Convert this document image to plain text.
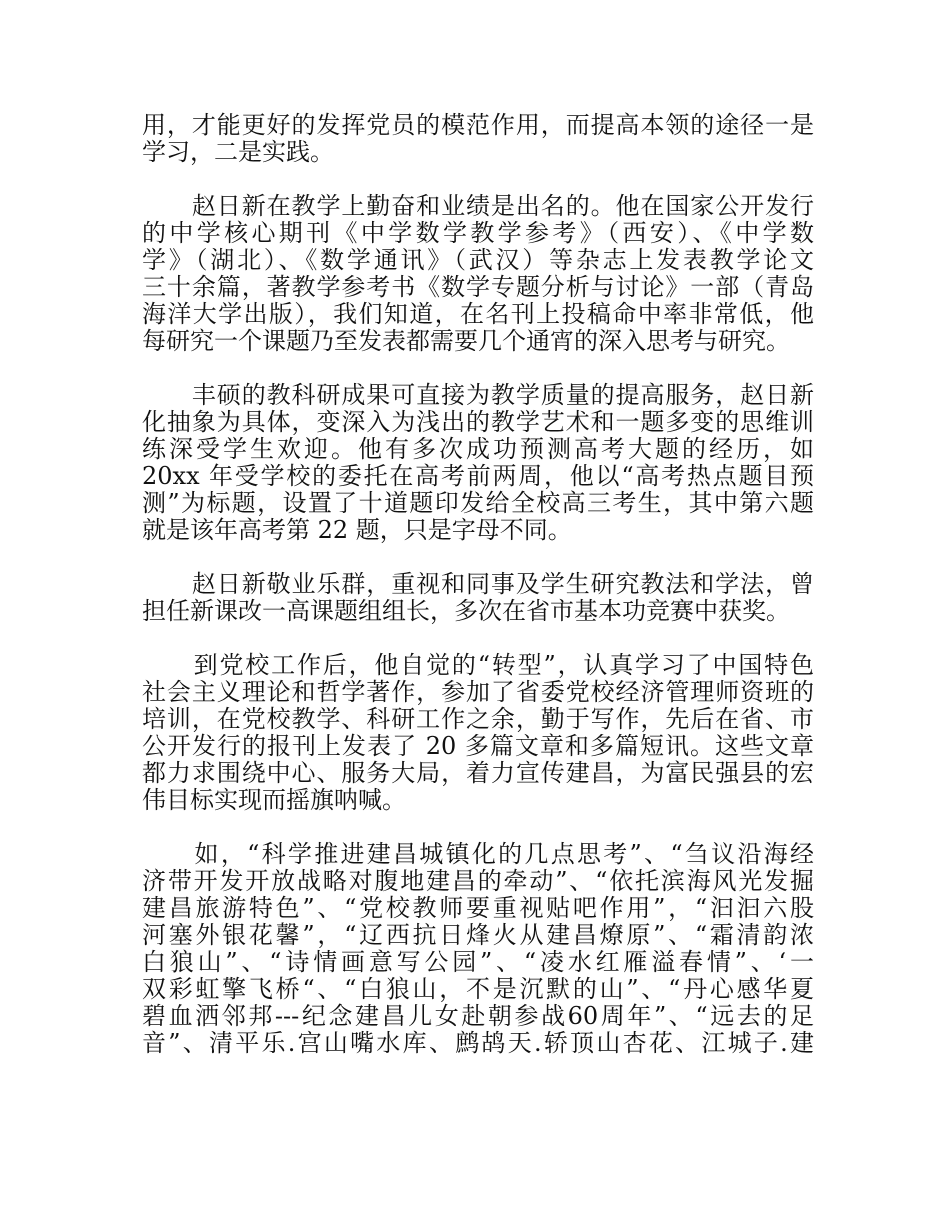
用，才能更好的发挥党员的模范作用，而提高本领的途径一是
学习，二是实践。
　　赵日新在教学上勤奋和业绩是出名的。他在国家公开发行
的中学核心期刊《中学数学教学参考》（西安）、《中学数
学》（湖北）、《数学通讯》（武汉）等杂志上发表教学论文
三十余篇，著教学参考书《数学专题分析与讨论》一部（青岛
海洋大学出版），我们知道，在名刊上投稿命中率非常低，他
每研究一个课题乃至发表都需要几个通宵的深入思考与研究。
　　丰硕的教科研成果可直接为教学质量的提高服务，赵日新
化抽象为具体，变深入为浅出的教学艺术和一题多变的思维训
练深受学生欢迎。他有多次成功预测高考大题的经历，如
20xx 年受学校的委托在高考前两周，他以“高考热点题目预
测”为标题，设置了十道题印发给全校高三考生，其中第六题
就是该年高考第 22 题，只是字母不同。
　　赵日新敬业乐群，重视和同事及学生研究教法和学法，曾
担任新课改一高课题组组长，多次在省市基本功竞赛中获奖。
　　到党校工作后，他自觉的“转型”，认真学习了中国特色
社会主义理论和哲学著作，参加了省委党校经济管理师资班的
培训，在党校教学、科研工作之余，勤于写作，先后在省、市
公开发行的报刊上发表了 20 多篇文章和多篇短讯。这些文章
都力求围绕中心、服务大局，着力宣传建昌，为富民强县的宏
伟目标实现而摇旗呐喊。
　　如，“科学推进建昌城镇化的几点思考”、“刍议沿海经
济带开发开放战略对腹地建昌的牵动”、“依托滨海风光发掘
建昌旅游特色”、“党校教师要重视贴吧作用”，“汩汩六股
河塞外银花馨”，“辽西抗日烽火从建昌燎原”、“霜清韵浓
白狼山”、“诗情画意写公园”、“凌水红雁溢春情”、‘一
双彩虹擎飞桥“、“白狼山，不是沉默的山”、“丹心感华夏
碧血洒邻邦---纪念建昌儿女赴朝参战60周年”、“远去的足
音”、清平乐.宫山嘴水库、鹧鸪天.轿顶山杏花、江城子.建
